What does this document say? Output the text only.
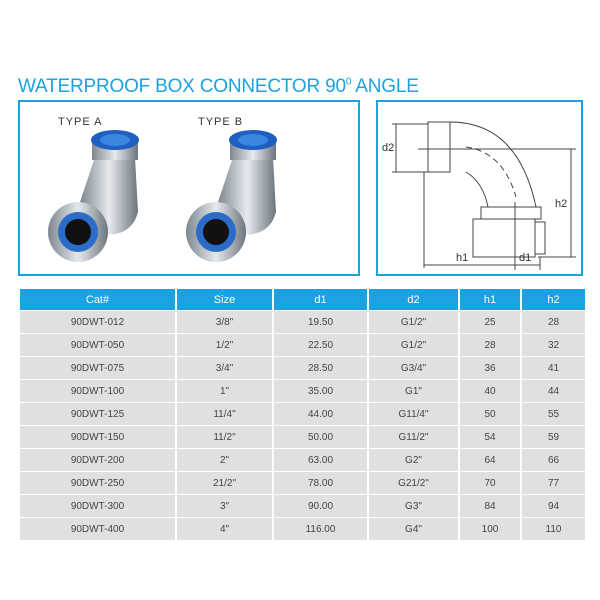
WATERPROOF BOX CONNECTOR $90^0$ ANGLE
TYPE A	TYPE B
d2
h2
h1	d1
Cat#	Size	d1	d2	h1	h2
90DWT-012	3/8"	19.50	G1/2"	25	28
90DWT-050	1/2"	22.50	G1/2"	28	32
90DWT-075	3/4"	28.50	G3/4"	36	41
90DWT-100	1"	35.00	G1"	40	44
90DWT-125	11/4"	44.00	G11/4"	50	55
90DWT-150	11/2"	50.00	G11/2"	54	59
90DWT-200	2"	63.00	G2"	64	66
90DWT-250	21/2"	78.00	G21/2"	70	77
90DWT-300	3"	90.00	G3"	84	94
90DWT-400	4"	116.00	G4"	100	110
